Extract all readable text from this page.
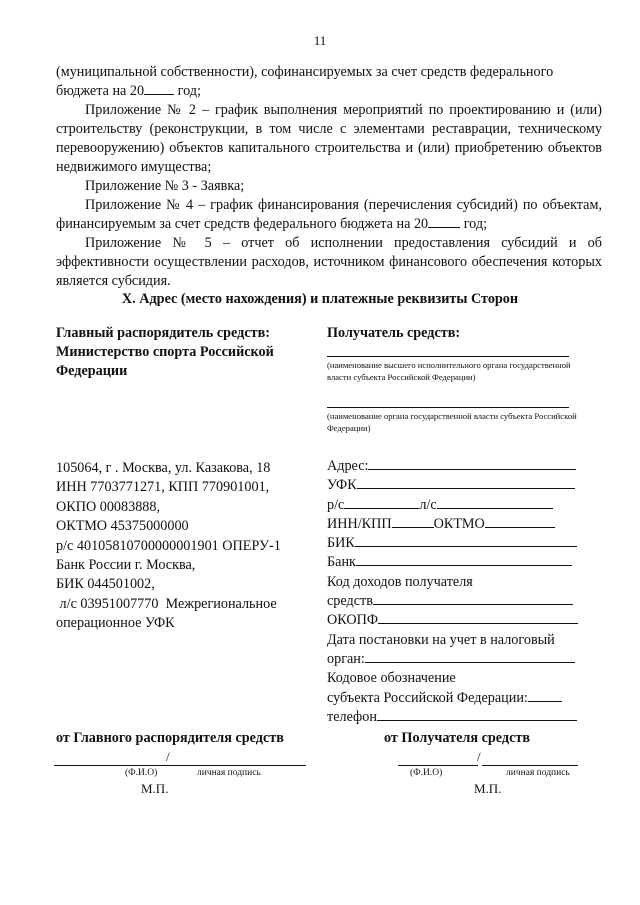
11

(муниципальной собственности), софинансируемых за счет средств федерального
бюджета на 20 год;

Приложение № 2 – график выполнения мероприятий по проектированию и (или) строительству (реконструкции, в том числе с элементами реставрации, техническому перевооружению) объектов капитального строительства и (или) приобретению объектов недвижимого имущества;

Приложение № 3 - Заявка;

Приложение № 4 – график финансирования (перечисления субсидий) по объектам, финансируемым за счет средств федерального бюджета на 20 год;

Приложение № 5 – отчет об исполнении предоставления субсидий и об эффективности осуществлении расходов, источником финансового обеспечения которых является субсидия.

X. Адрес (место нахождения) и платежные реквизиты Сторон
Главный распорядитель средств:
Министерство спорта Российской Федерации
105064, г . Москва, ул. Казакова, 18
ИНН 7703771271, КПП 770901001,
ОКПО 00083888,
ОКТМО 45375000000
р/с 40105810700000001901 ОПЕРУ-1
Банк России г. Москва,
БИК 044501002,
л/с 03951007770  Межрегиональное
операционное УФК
Получатель средств:
(наименование высшего исполнительного органа государственной власти субъекта Российской Федерации)
(наименование органа государственной власти субъекта Российской Федерации)
Адрес:
УФК
р/с	л/с
ИНН/КПП	ОКТМО
БИК
Банк
Код доходов получателя
средств
ОКОПФ
Дата постановки на учет в налоговый
орган:
Кодовое обозначение
субъекта Российской Федерации:
телефон
от Главного распорядителя средств
/
(Ф.И.О)	личная подпись
М.П.
от Получателя средств
/
(Ф.И.О)	личная подпись
М.П.
